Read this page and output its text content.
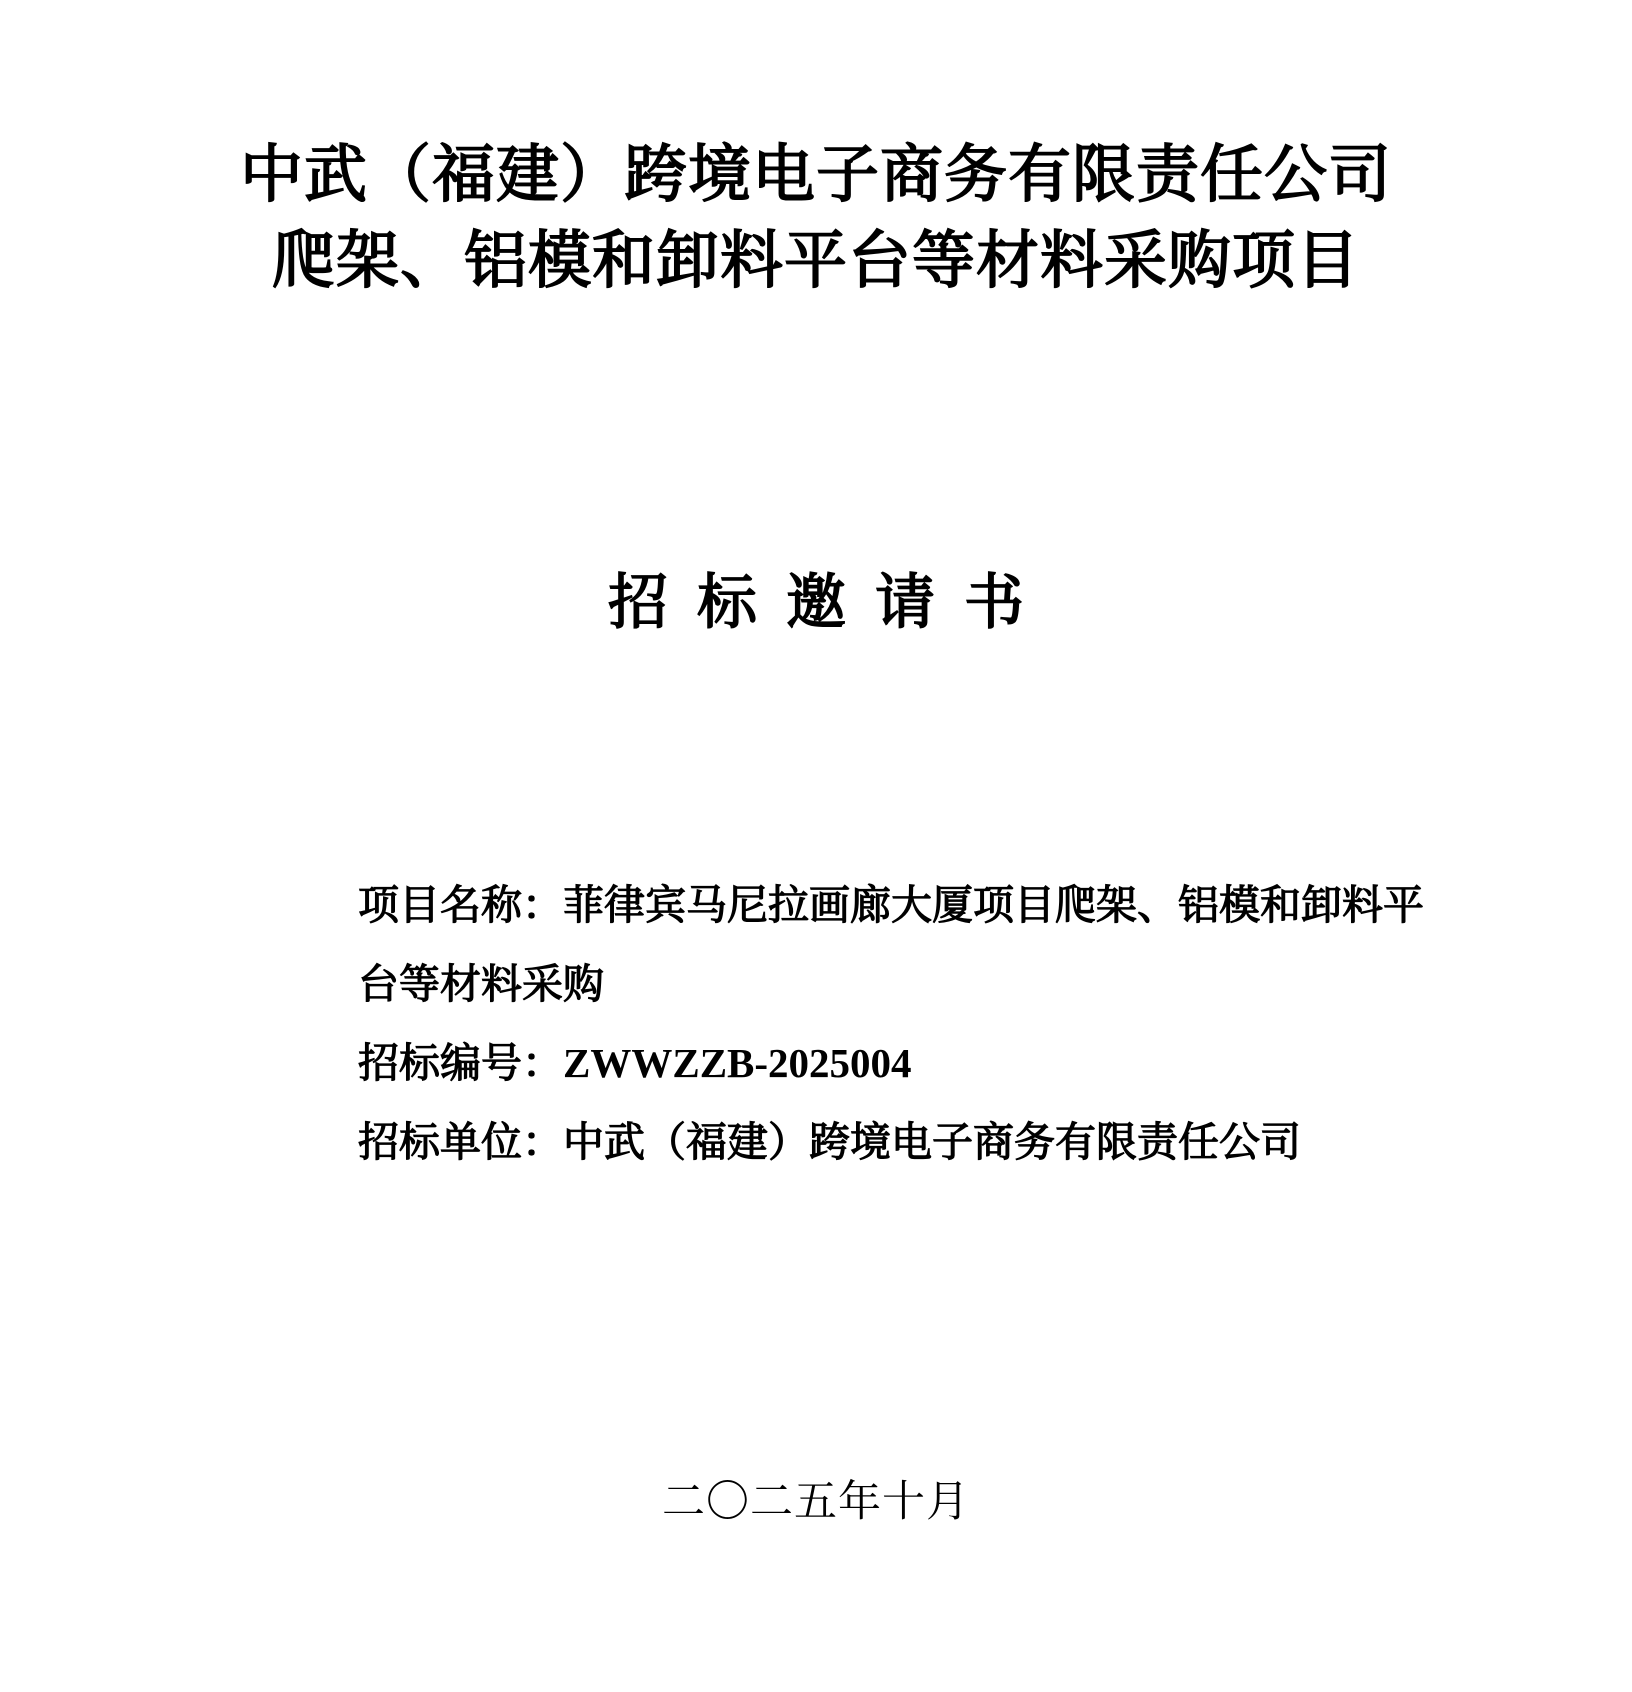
中武（福建）跨境电子商务有限责任公司
爬架、铝模和卸料平台等材料采购项目
招 标 邀 请 书
项目名称：菲律宾马尼拉画廊大厦项目爬架、铝模和卸料平
台等材料采购
招标编号：ZWWZZB-2025004
招标单位：中武（福建）跨境电子商务有限责任公司
二〇二五年十月
